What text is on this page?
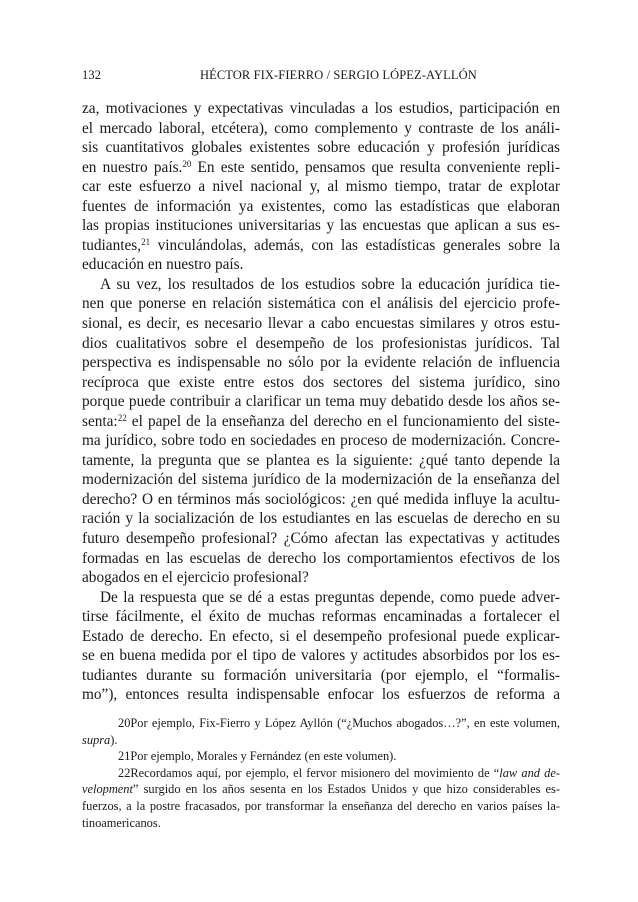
132	HÉCTOR FIX-FIERRO / SERGIO LÓPEZ-AYLLÓN
za, motivaciones y expectativas vinculadas a los estudios, participación en
el mercado laboral, etcétera), como complemento y contraste de los análi-
sis cuantitativos globales existentes sobre educación y profesión jurídicas
en nuestro país.$^{20}$ En este sentido, pensamos que resulta conveniente repli-
car este esfuerzo a nivel nacional y, al mismo tiempo, tratar de explotar
fuentes de información ya existentes, como las estadísticas que elaboran
las propias instituciones universitarias y las encuestas que aplican a sus es-
tudiantes,$^{21}$ vinculándolas, además, con las estadísticas generales sobre la
educación en nuestro país.
A su vez, los resultados de los estudios sobre la educación jurídica tie-
nen que ponerse en relación sistemática con el análisis del ejercicio profe-
sional, es decir, es necesario llevar a cabo encuestas similares y otros estu-
dios cualitativos sobre el desempeño de los profesionistas jurídicos. Tal
perspectiva es indispensable no sólo por la evidente relación de influencia
recíproca que existe entre estos dos sectores del sistema jurídico, sino
porque puede contribuir a clarificar un tema muy debatido desde los años se-
senta:$^{22}$ el papel de la enseñanza del derecho en el funcionamiento del siste-
ma jurídico, sobre todo en sociedades en proceso de modernización. Concre-
tamente, la pregunta que se plantea es la siguiente: ¿qué tanto depende la
modernización del sistema jurídico de la modernización de la enseñanza del
derecho? O en términos más sociológicos: ¿en qué medida influye la acultu-
ración y la socialización de los estudiantes en las escuelas de derecho en su
futuro desempeño profesional? ¿Cómo afectan las expectativas y actitudes
formadas en las escuelas de derecho los comportamientos efectivos de los
abogados en el ejercicio profesional?
De la respuesta que se dé a estas preguntas depende, como puede adver-
tirse fácilmente, el éxito de muchas reformas encaminadas a fortalecer el
Estado de derecho. En efecto, si el desempeño profesional puede explicar-
se en buena medida por el tipo de valores y actitudes absorbidos por los es-
tudiantes durante su formación universitaria (por ejemplo, el “formalis-
mo”), entonces resulta indispensable enfocar los esfuerzos de reforma a
20Por ejemplo, Fix-Fierro y López Ayllón (“¿Muchos abogados…?”, en este volumen,
supra).
21Por ejemplo, Morales y Fernández (en este volumen).
22Recordamos aquí, por ejemplo, el fervor misionero del movimiento de “law and de-
velopment” surgido en los años sesenta en los Estados Unidos y que hizo considerables es-
fuerzos, a la postre fracasados, por transformar la enseñanza del derecho en varios países la-
tinoamericanos.
